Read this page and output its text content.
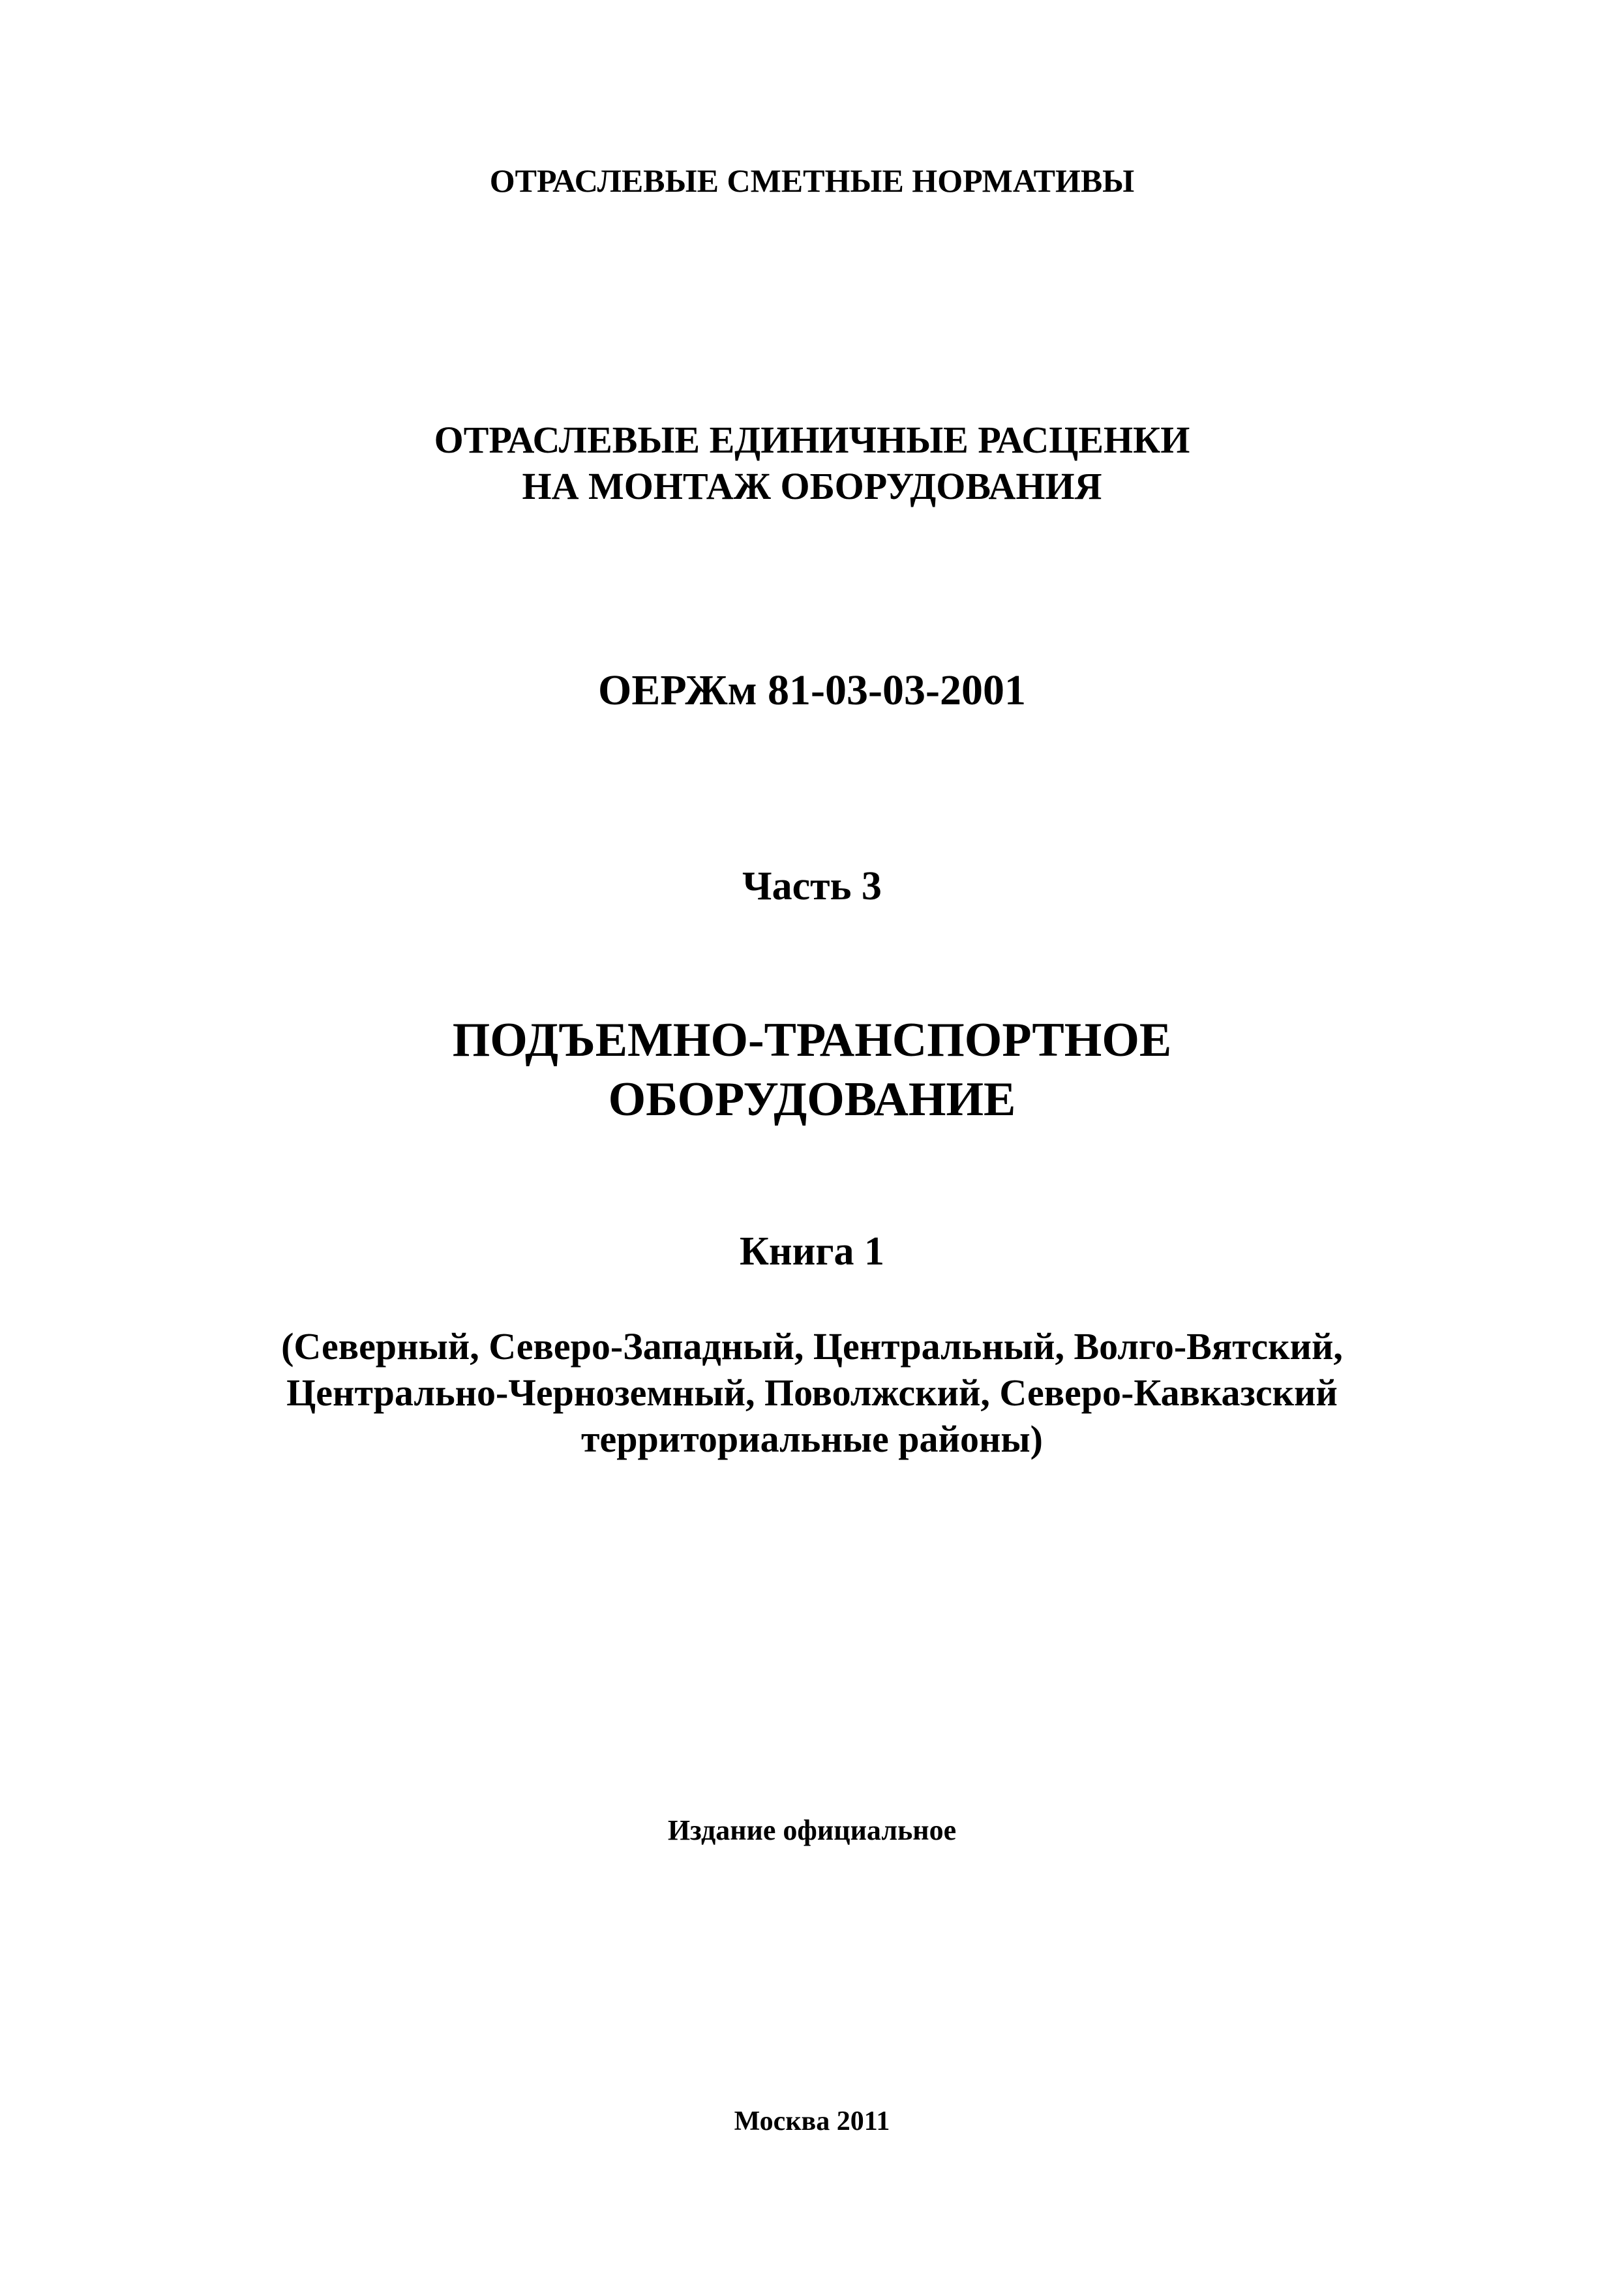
ОТРАСЛЕВЫЕ СМЕТНЫЕ НОРМАТИВЫ
ОТРАСЛЕВЫЕ ЕДИНИЧНЫЕ РАСЦЕНКИ
НА МОНТАЖ ОБОРУДОВАНИЯ
ОЕРЖм 81-03-03-2001
Часть 3
ПОДЪЕМНО-ТРАНСПОРТНОЕ
ОБОРУДОВАНИЕ
Книга 1
(Северный, Северо-Западный, Центральный, Волго-Вятский,
Центрально-Черноземный, Поволжский, Северо-Кавказский
территориальные районы)
Издание официальное
Москва 2011
